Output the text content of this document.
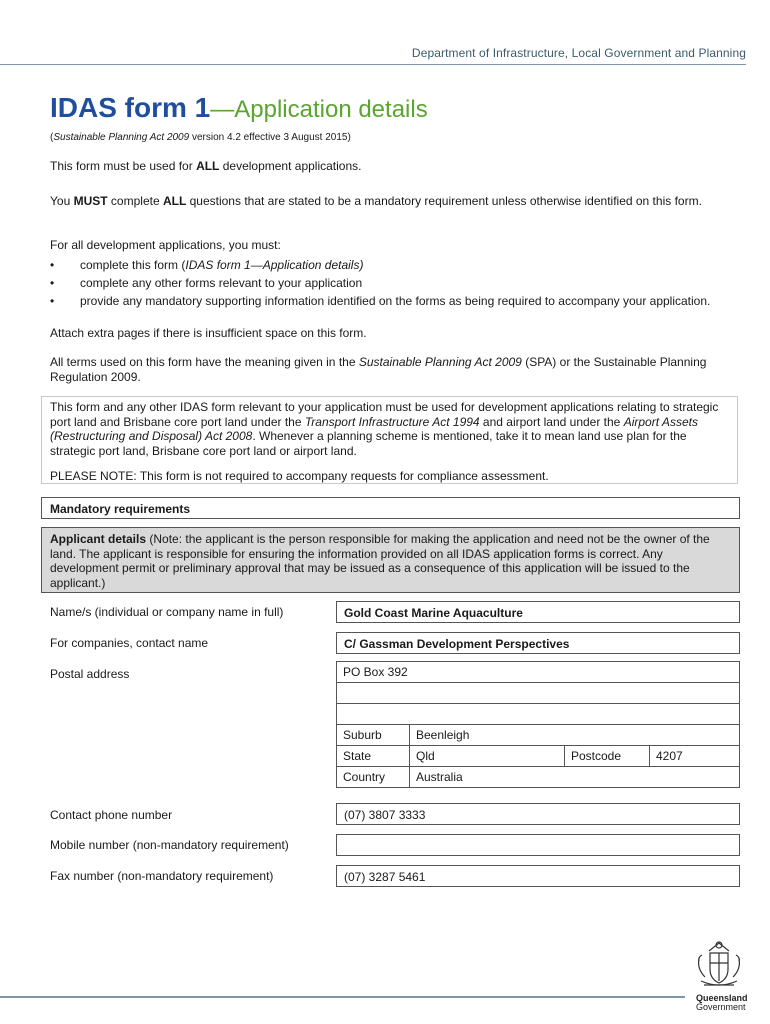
Department of Infrastructure, Local Government and Planning
IDAS form 1—Application details
(Sustainable Planning Act 2009 version 4.2 effective 3 August 2015)
This form must be used for ALL development applications.
You MUST complete ALL questions that are stated to be a mandatory requirement unless otherwise identified on this form.
For all development applications, you must:
• complete this form (IDAS form 1—Application details)
• complete any other forms relevant to your application
• provide any mandatory supporting information identified on the forms as being required to accompany your application.
Attach extra pages if there is insufficient space on this form.
All terms used on this form have the meaning given in the Sustainable Planning Act 2009 (SPA) or the Sustainable Planning Regulation 2009.

This form and any other IDAS form relevant to your application must be used for development applications relating to strategic port land and Brisbane core port land under the Transport Infrastructure Act 1994 and airport land under the Airport Assets (Restructuring and Disposal) Act 2008. Whenever a planning scheme is mentioned, take it to mean land use plan for the strategic port land, Brisbane core port land or airport land.

PLEASE NOTE: This form is not required to accompany requests for compliance assessment.

Mandatory requirements
Applicant details (Note: the applicant is the person responsible for making the application and need not be the owner of the land. The applicant is responsible for ensuring the information provided on all IDAS application forms is correct. Any development permit or preliminary approval that may be issued as a consequence of this application will be issued to the applicant.)
Name/s (individual or company name in full)	Gold Coast Marine Aquaculture
For companies, contact name	C/ Gassman Development Perspectives
Postal address	PO Box 392			

Suburb	Beenleigh		
State	Qld	Postcode	4207
Country	Australia		
Contact phone number	(07) 3807 3333
Mobile number (non-mandatory requirement)
Fax number (non-mandatory requirement)	(07) 3287 5461
Queensland
Government
